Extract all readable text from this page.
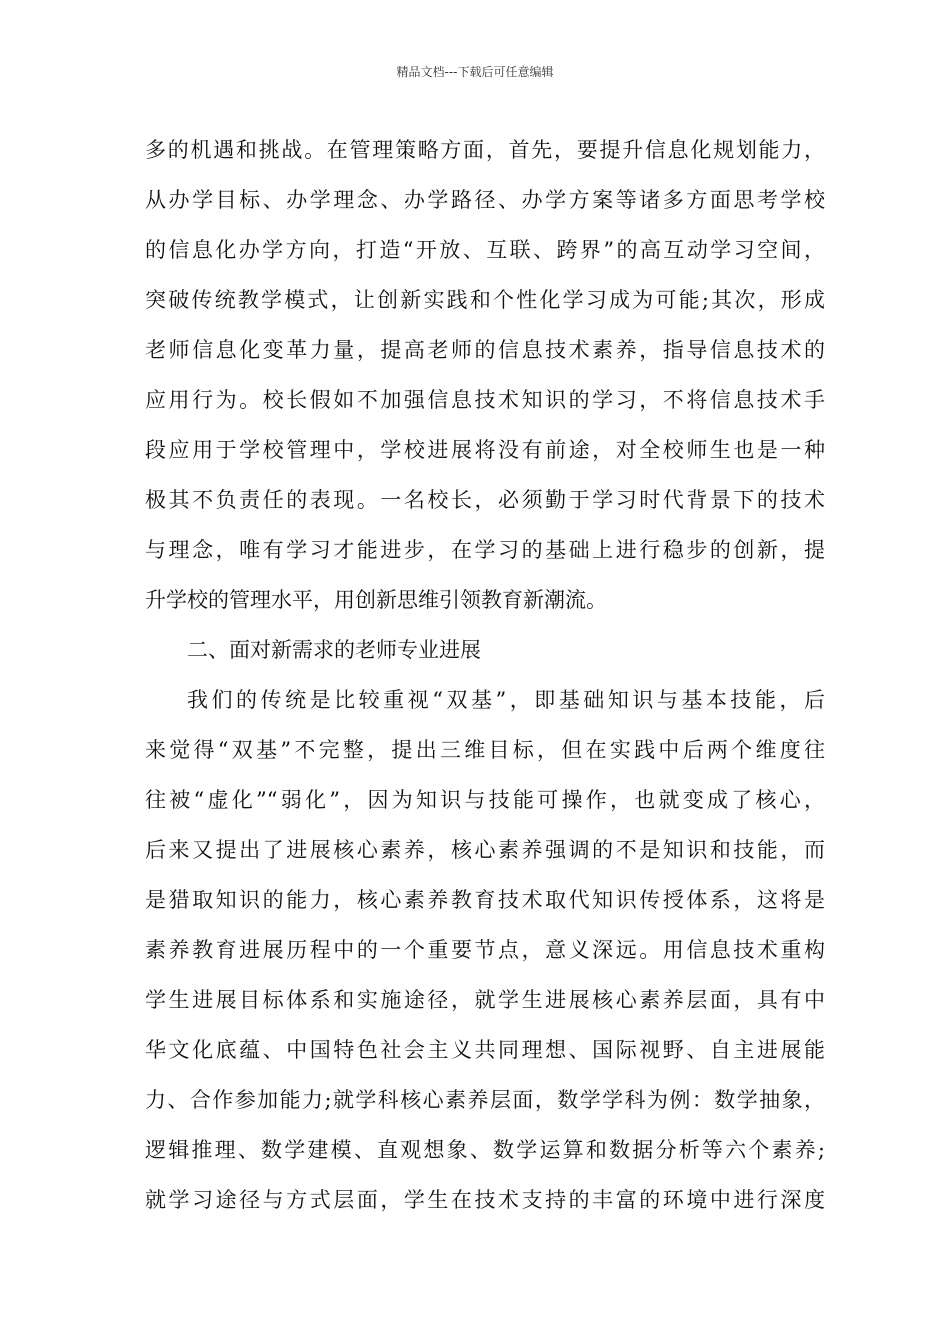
精品文档---下载后可任意编辑
多的机遇和挑战。在管理策略方面，首先，要提升信息化规划能力，
从办学目标、办学理念、办学路径、办学方案等诸多方面思考学校
的信息化办学方向，打造“开放、互联、跨界”的高互动学习空间，
突破传统教学模式，让创新实践和个性化学习成为可能;其次，形成
老师信息化变革力量，提高老师的信息技术素养，指导信息技术的
应用行为。校长假如不加强信息技术知识的学习，不将信息技术手
段应用于学校管理中，学校进展将没有前途，对全校师生也是一种
极其不负责任的表现。一名校长，必须勤于学习时代背景下的技术
与理念，唯有学习才能进步，在学习的基础上进行稳步的创新，提
升学校的管理水平，用创新思维引领教育新潮流。
二、面对新需求的老师专业进展
我们的传统是比较重视“双基”，即基础知识与基本技能，后
来觉得“双基”不完整，提出三维目标，但在实践中后两个维度往
往被“虚化”“弱化”，因为知识与技能可操作，也就变成了核心，
后来又提出了进展核心素养，核心素养强调的不是知识和技能，而
是猎取知识的能力，核心素养教育技术取代知识传授体系，这将是
素养教育进展历程中的一个重要节点，意义深远。用信息技术重构
学生进展目标体系和实施途径，就学生进展核心素养层面，具有中
华文化底蕴、中国特色社会主义共同理想、国际视野、自主进展能
力、合作参加能力;就学科核心素养层面，数学学科为例：数学抽象，
逻辑推理、数学建模、直观想象、数学运算和数据分析等六个素养;
就学习途径与方式层面，学生在技术支持的丰富的环境中进行深度
